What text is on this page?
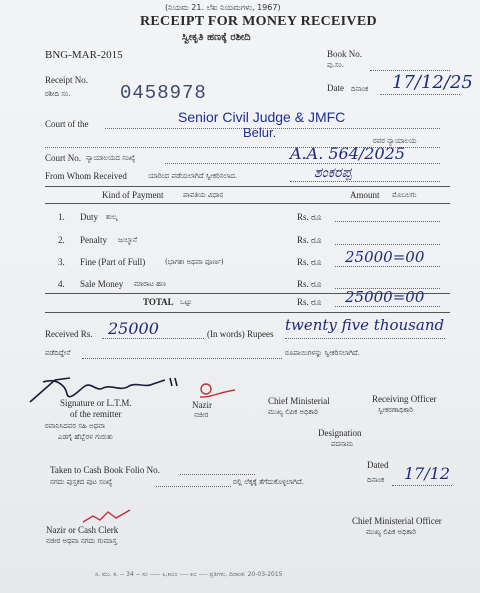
(ನಿಯಮ 21. ಲೆಖ ನಿಯಮಗಳು, 1967)
RECEIPT FOR MONEY RECEIVED
ಸ್ವೀಕೃತಿ ಹಣಕ್ಕೆ ರಶೀದಿ
BNG-MAR-2015	Book No.
ಪು.ಸಂ.
Receipt No.
ರಶೀದಿ ಸಂ.	0458978	Date ದಿನಾಂಕ 17/12/25
Court of the	Senior Civil Judge & JMFC
Belur.
ರವರ ನ್ಯಾಯಾಲಯ
Court No. ನ್ಯಾಯಾಲಯದ ಸಂಖ್ಯೆ	A.A. 564/2025
From Whom Received	ಯಾರಿಂದ ಪಡೆಯಲಾಗಿದೆ ಸ್ವೀಕರಿಸಲಾದ.	ಶಂಕರಪ್ಪ
Kind of Payment	ಪಾವತಿಯ ವಿಧಾನ	Amount ಮೊಬಲಗು
1. Duty ಶುಲ್ಕ	Rs. ರೂ
2. Penalty ಜುಲ್ಮಾನೆ	Rs. ರೂ
3. Fine (Part of Full)	(ಭಾಗಶಃ ಅಥವಾ ಪೂರ್ಣ)	Rs. ರೂ 25000=00
4. Sale Money ಮಾರಾಟ ಹಣ	Rs. ರೂ
TOTAL ಒಟ್ಟು	Rs. ರೂ 25000=00
Received Rs. 25000	(In words) Rupees twenty five thousand
ಪಡೆದಿದ್ದೇನೆ	ರೂಪಾಯಿಗಳನ್ನು ಸ್ವೀಕರಿಸಲಾಗಿದೆ.
Signature or L.T.M.
of the remitter
ರವಾನಿಸಿದವರ ಸಹಿ ಅಥವಾ
ಎಡಗೈ ಹೆಬ್ಬೆರಳ ಗುರುತು
Nazir
ನಜೀರ
Chief Ministerial
ಮುಖ್ಯ ಲಿಪಿಕ ಅಧಿಕಾರಿ
Receiving Officer
ಸ್ವೀಕರಣಾಧಿಕಾರಿ
Designation
ಪದನಾಮ
Taken to Cash Book Folio No.
ನಗದು ಪುಸ್ತಕದ ಪುಟ ಸಂಖ್ಯೆ	ರಲ್ಲಿ ಲೆಕ್ಕಕ್ಕೆ ತೆಗೆದುಕೊಳ್ಳಲಾಗಿದೆ.
Dated
ದಿನಾಂಕ 17/12
Nazir or Cash Clerk
ನಜೀರ ಅಥವಾ ನಗದು ಗುಮಾಸ್ತ
Chief Ministerial Officer
ಮುಖ್ಯ ಲಿಪಿಕ ಅಧಿಕಾರಿ
ಸ. ಮು. ಕ. -- 34 -- ಸಂ ----- ೩,೫೦೦ ---- ೫೦ ---- ಪ್ರತಿಗಳು, ದಿನಾಂಕ: 20-03-2015
